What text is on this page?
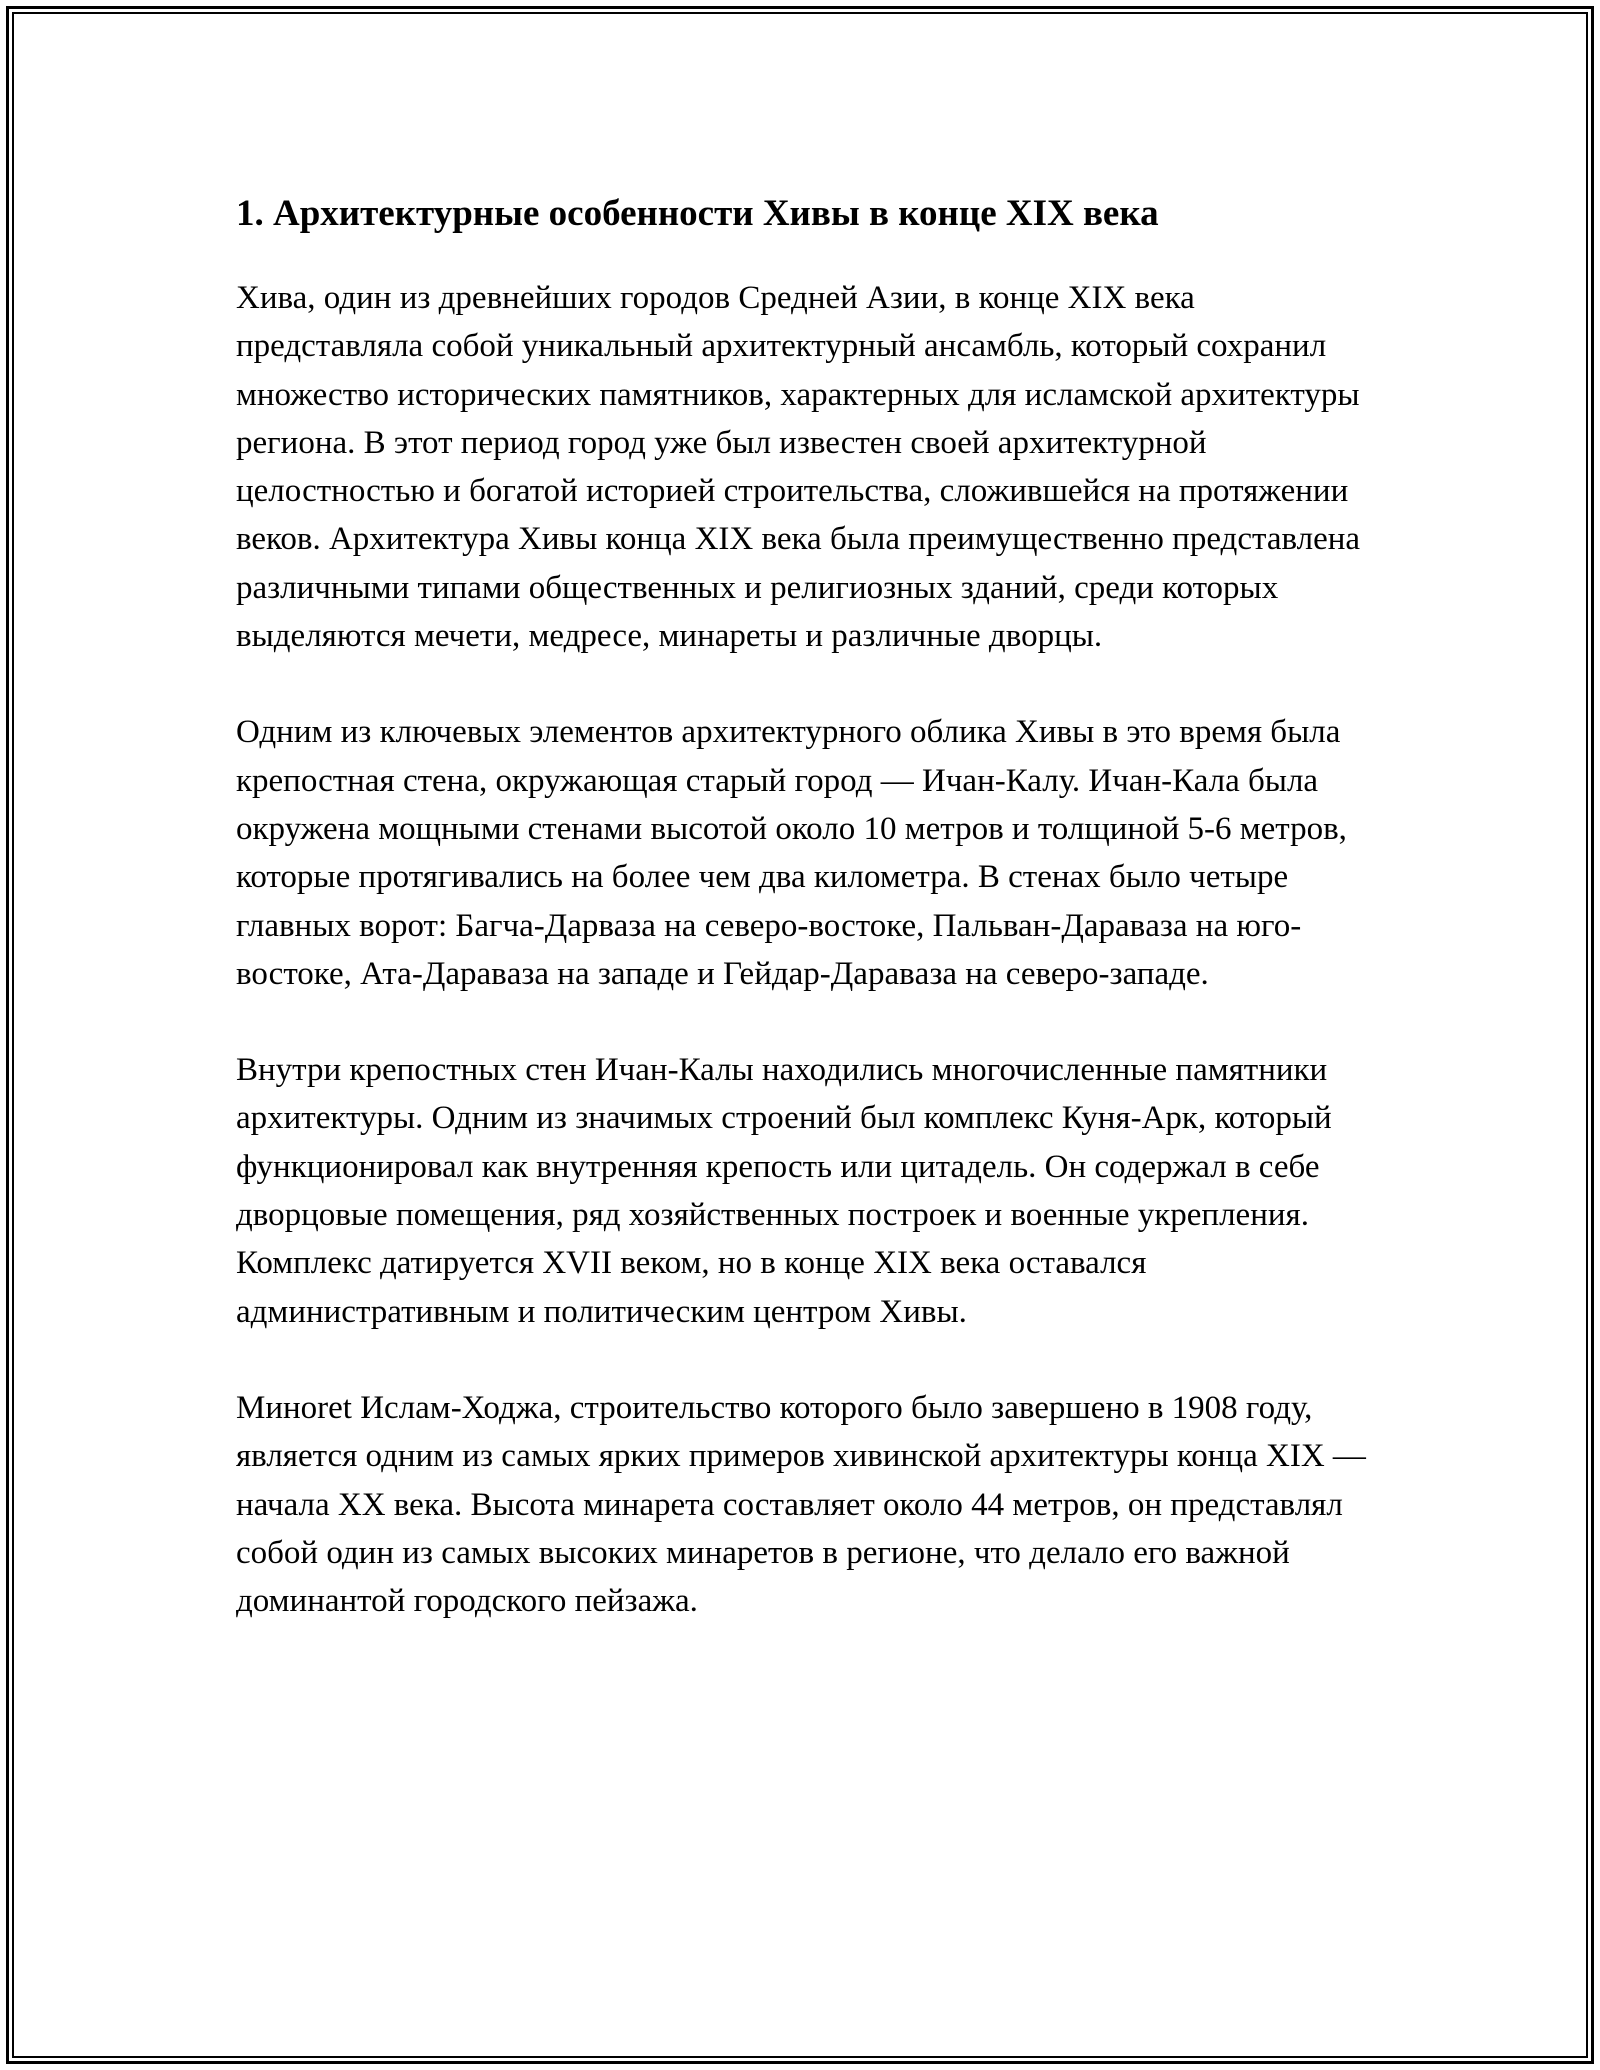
1. Архитектурные особенности Хивы в конце XIX века

Хива, один из древнейших городов Средней Азии, в конце XIX века представляла собой уникальный архитектурный ансамбль, который сохранил множество исторических памятников, характерных для исламской архитектуры региона. В этот период город уже был известен своей архитектурной целостностью и богатой историей строительства, сложившейся на протяжении веков. Архитектура Хивы конца XIX века была преимущественно представлена различными типами общественных и религиозных зданий, среди которых выделяются мечети, медресе, минареты и различные дворцы.

Одним из ключевых элементов архитектурного облика Хивы в это время была крепостная стена, окружающая старый город — Ичан-Калу. Ичан-Кала была окружена мощными стенами высотой около 10 метров и толщиной 5-6 метров, которые протягивались на более чем два километра. В стенах было четыре главных ворот: Багча-Дарваза на северо-востоке, Пальван-Даравaза на юго-востоке, Ата-Даравaза на западе и Гейдар-Даравaза на северо-западе.

Внутри крепостных стен Ичан-Калы находились многочисленные памятники архитектуры. Одним из значимых строений был комплекс Куня-Арк, который функционировал как внутренняя крепость или цитадель. Он содержал в себе дворцовые помещения, ряд хозяйственных построек и военные укрепления. Комплекс датируется XVII веком, но в конце XIX века оставался административным и политическим центром Хивы.

Миноret Ислам-Ходжа, строительство которого было завершено в 1908 году, является одним из самых ярких примеров хивинской архитектуры конца XIX — начала XX века. Высота минарета составляет около 44 метров, он представлял собой один из самых высоких минаретов в регионе, что делало его важной доминантой городского пейзажа.
